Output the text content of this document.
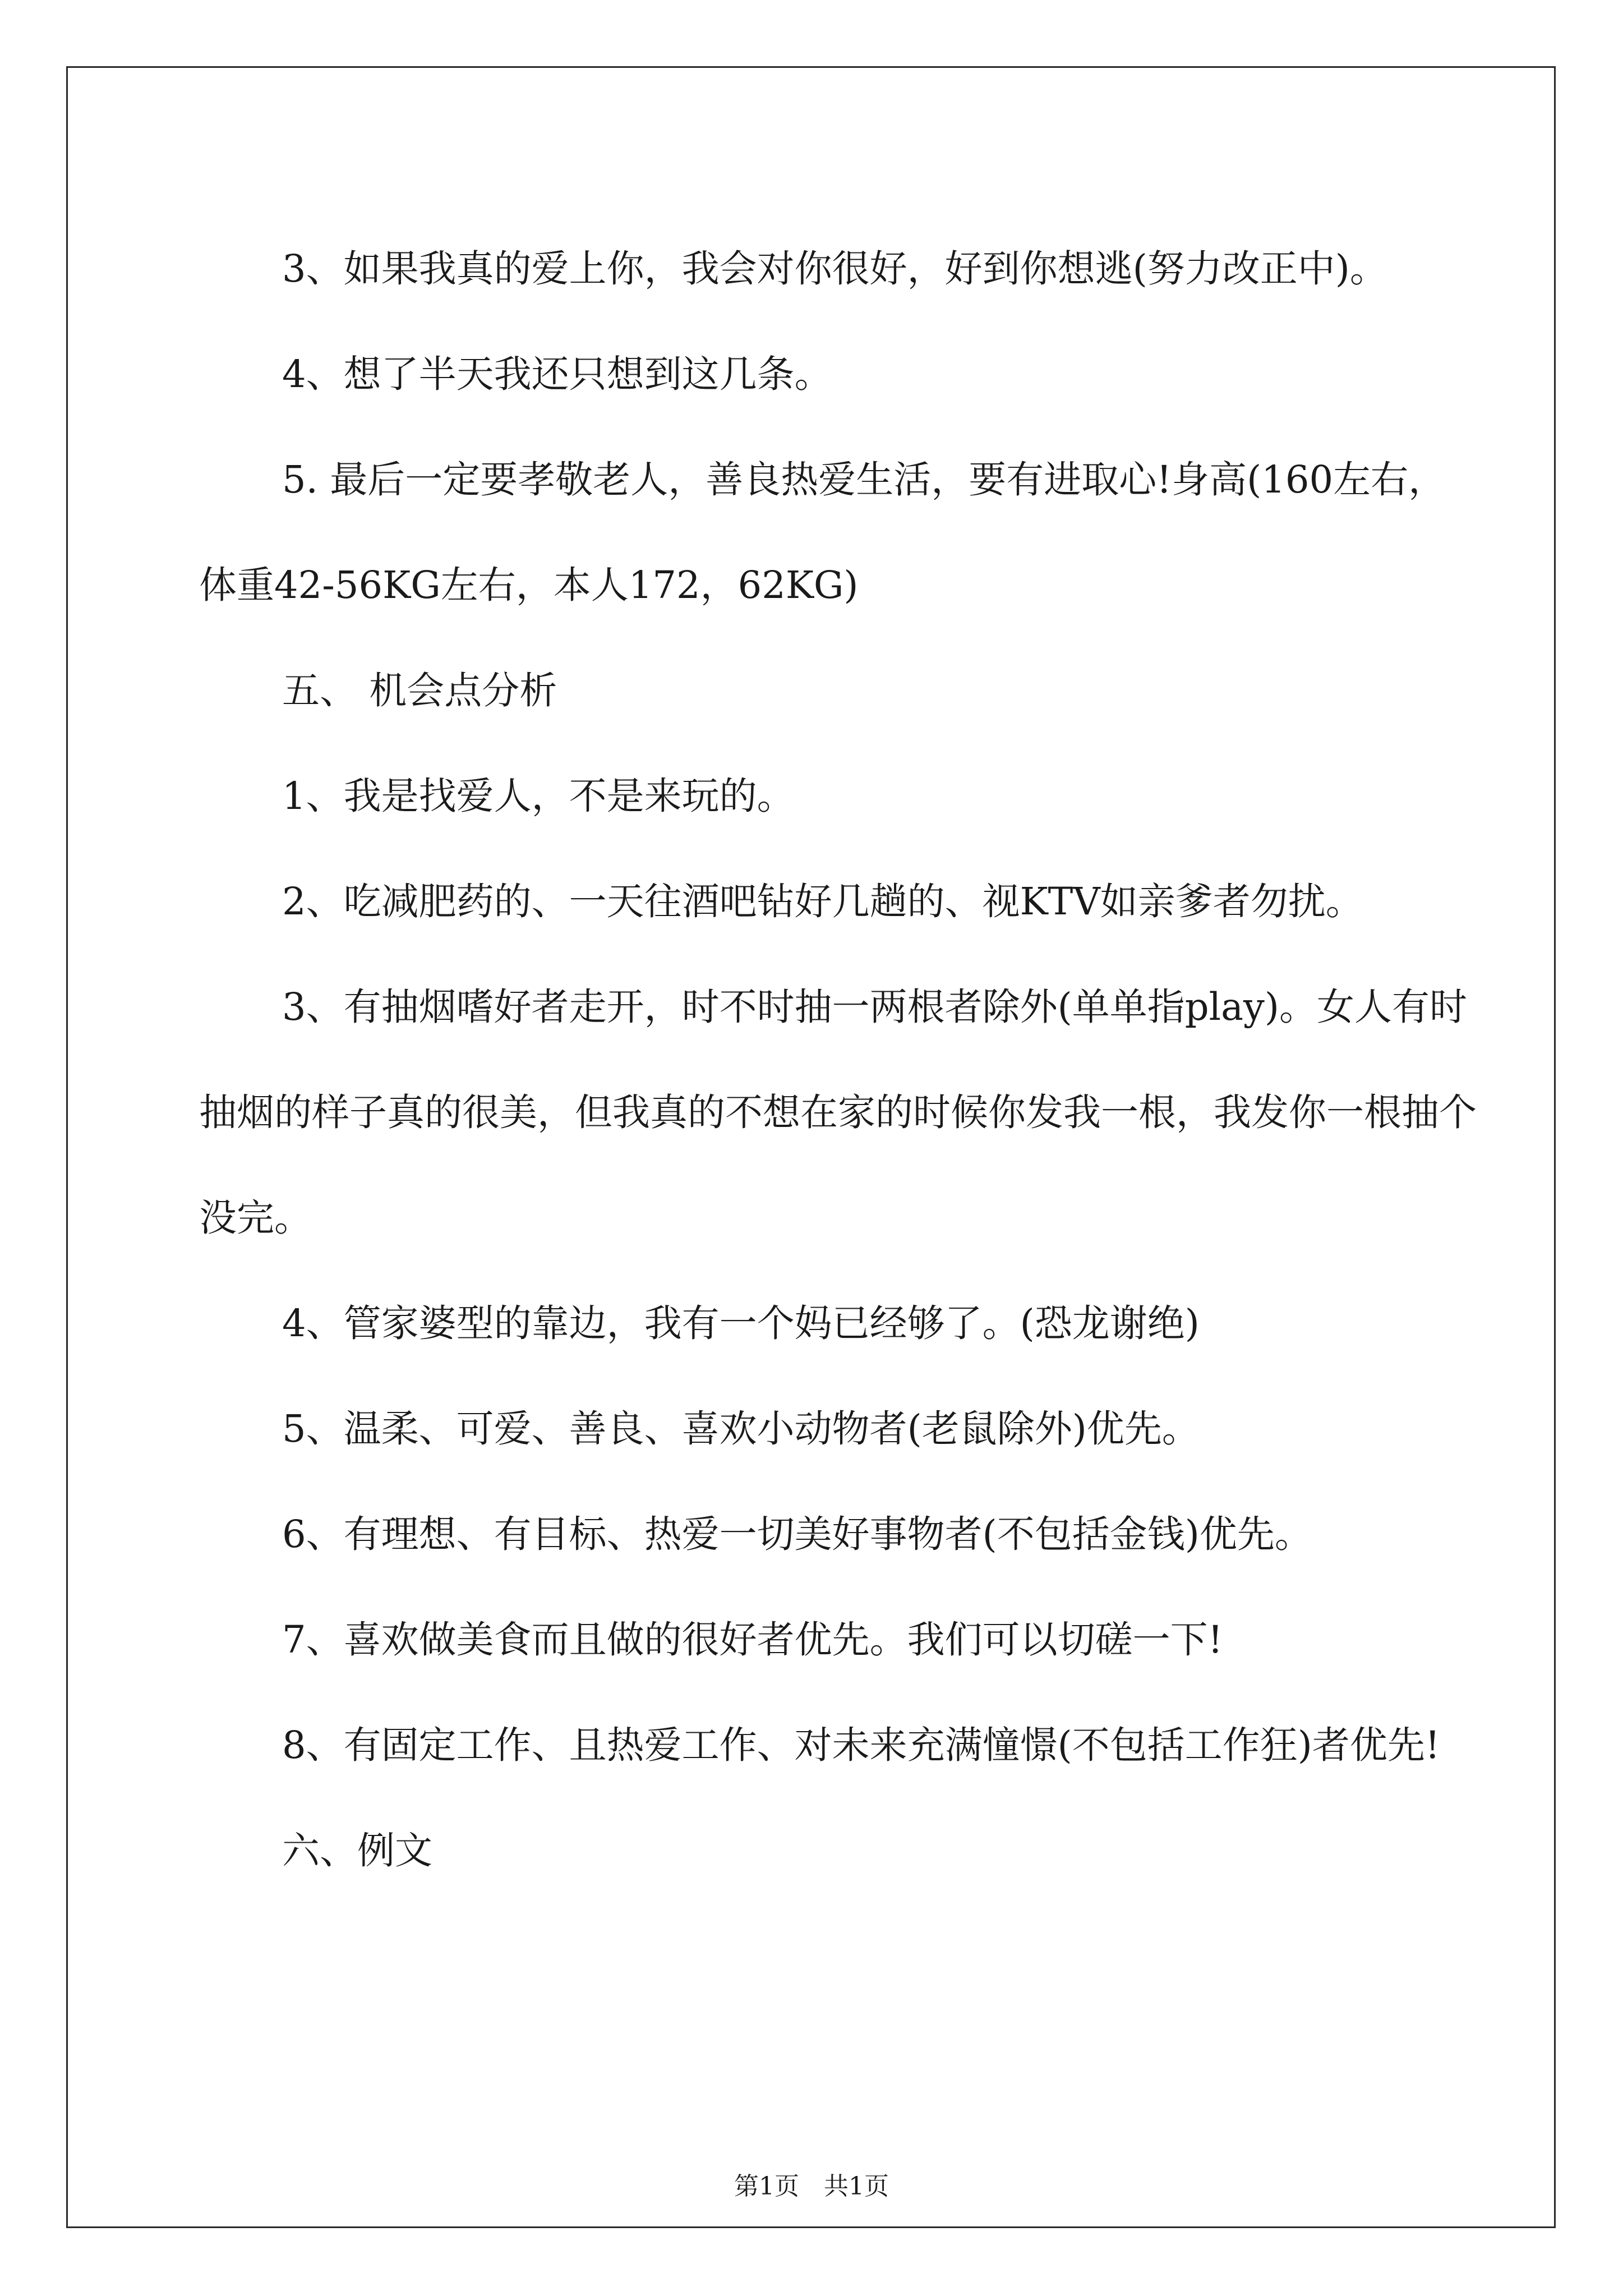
3、如果我真的爱上你，我会对你很好，好到你想逃(努力改正中)。

4、想了半天我还只想到这几条。

5. 最后一定要孝敬老人，善良热爱生活，要有进取心!身高(160左右，体重42-56KG左右，本人172，62KG)

五、 机会点分析

1、我是找爱人，不是来玩的。

2、吃减肥药的、一天往酒吧钻好几趟的、视KTV如亲爹者勿扰。

3、有抽烟嗜好者走开，时不时抽一两根者除外(单单指play)。女人有时抽烟的样子真的很美，但我真的不想在家的时候你发我一根，我发你一根抽个没完。

4、管家婆型的靠边，我有一个妈已经够了。(恐龙谢绝)

5、温柔、可爱、善良、喜欢小动物者(老鼠除外)优先。

6、有理想、有目标、热爱一切美好事物者(不包括金钱)优先。

7、喜欢做美食而且做的很好者优先。我们可以切磋一下!

8、有固定工作、且热爱工作、对未来充满憧憬(不包括工作狂)者优先!

六、例文

第1页 共1页
